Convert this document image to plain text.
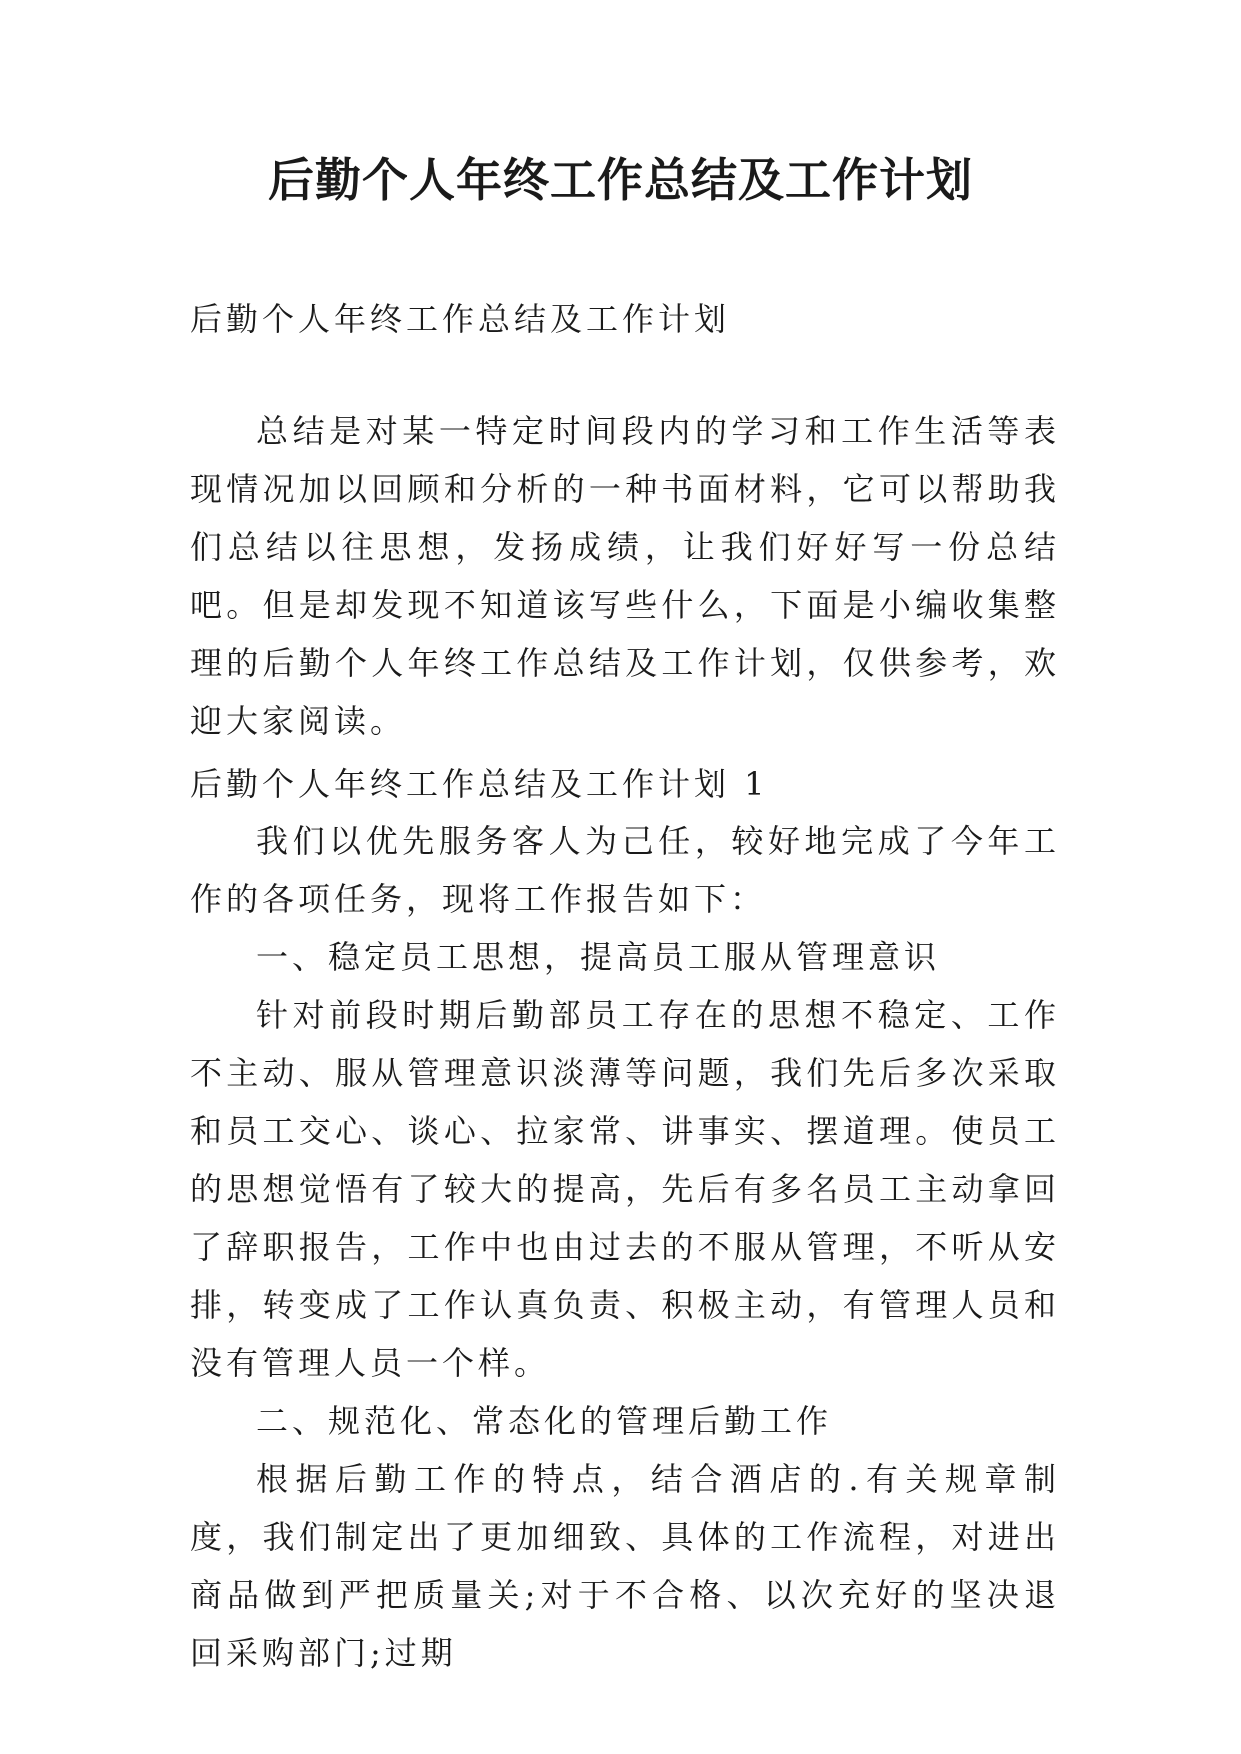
后勤个人年终工作总结及工作计划

后勤个人年终工作总结及工作计划

总结是对某一特定时间段内的学习和工作生活等表现情况加以回顾和分析的一种书面材料，它可以帮助我们总结以往思想，发扬成绩，让我们好好写一份总结吧。但是却发现不知道该写些什么，下面是小编收集整理的后勤个人年终工作总结及工作计划，仅供参考，欢迎大家阅读。

后勤个人年终工作总结及工作计划 1

我们以优先服务客人为己任，较好地完成了今年工作的各项任务，现将工作报告如下：

一、稳定员工思想，提高员工服从管理意识

针对前段时期后勤部员工存在的思想不稳定、工作不主动、服从管理意识淡薄等问题，我们先后多次采取和员工交心、谈心、拉家常、讲事实、摆道理。使员工的思想觉悟有了较大的提高，先后有多名员工主动拿回了辞职报告，工作中也由过去的不服从管理，不听从安排，转变成了工作认真负责、积极主动，有管理人员和没有管理人员一个样。

二、规范化、常态化的管理后勤工作

根据后勤工作的特点，结合酒店的.有关规章制度，我们制定出了更加细致、具体的工作流程，对进出商品做到严把质量关;对于不合格、以次充好的坚决退回采购部门;过期
